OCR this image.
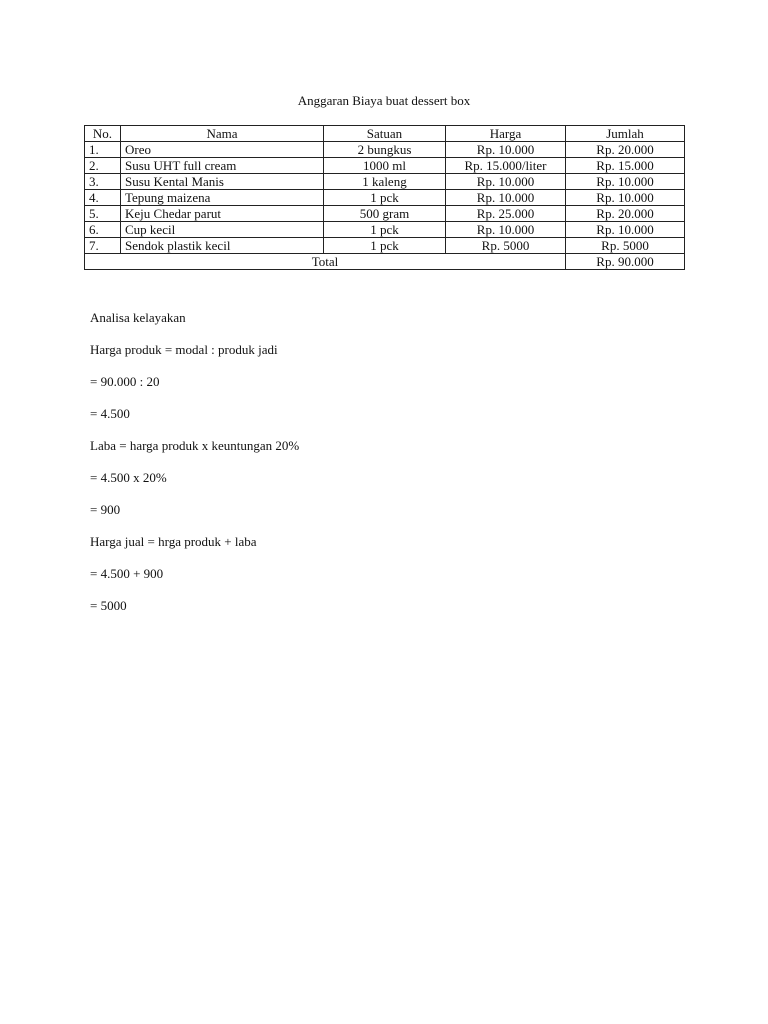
Anggaran Biaya buat dessert box
No.	Nama	Satuan	Harga	Jumlah
1.	Oreo	2 bungkus	Rp. 10.000	Rp. 20.000
2.	Susu UHT full cream	1000 ml	Rp. 15.000/liter	Rp. 15.000
3.	Susu Kental Manis	1 kaleng	Rp. 10.000	Rp. 10.000
4.	Tepung maizena	1 pck	Rp. 10.000	Rp. 10.000
5.	Keju Chedar parut	500 gram	Rp. 25.000	Rp. 20.000
6.	Cup kecil	1 pck	Rp. 10.000	Rp. 10.000
7.	Sendok plastik kecil	1 pck	Rp. 5000	Rp. 5000
Total				Rp. 90.000

Analisa kelayakan

Harga produk = modal : produk jadi

= 90.000 : 20

= 4.500

Laba = harga produk x keuntungan 20%

= 4.500 x 20%

= 900

Harga jual = hrga produk + laba

= 4.500 + 900

= 5000
